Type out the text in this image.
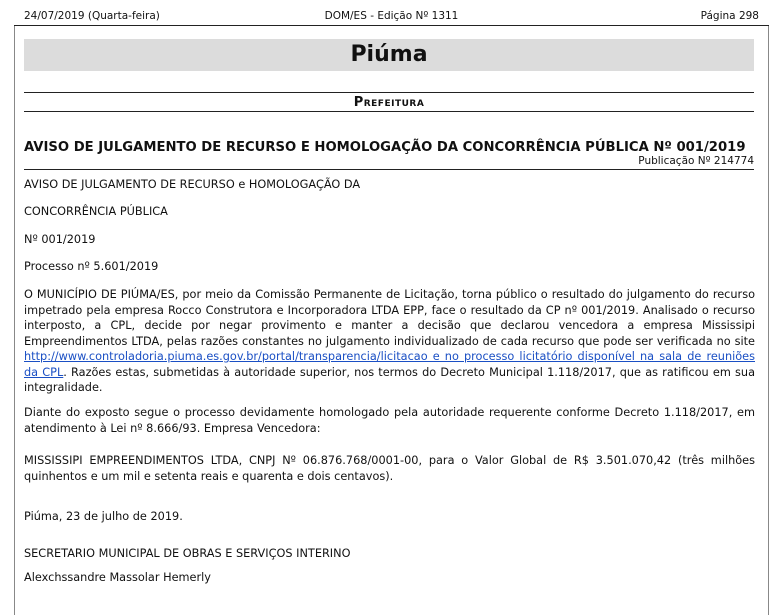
24/07/2019 (Quarta-feira)	DOM/ES - Edição Nº 1311	Página 298
Piúma
Prefeitura
AVISO DE JULGAMENTO DE RECURSO E HOMOLOGAÇÃO DA CONCORRÊNCIA PÚBLICA Nº 001/2019
Publicação Nº 214774
AVISO DE JULGAMENTO DE RECURSO e HOMOLOGAÇÃO DA
CONCORRÊNCIA PÚBLICA
Nº 001/2019
Processo nº 5.601/2019

O MUNICÍPIO DE PIÚMA/ES, por meio da Comissão Permanente de Licitação, torna público o resultado do julgamento do recurso impetrado pela empresa Rocco Construtora e Incorporadora LTDA EPP, face o resultado da CP nº 001/2019. Analisado o recurso interposto, a CPL, decide por negar provimento e manter a decisão que declarou vencedora a empresa Mississipi Empreendimentos LTDA, pelas razões constantes no julgamento individualizado de cada recurso que pode ser verificada no site http://www.controladoria.piuma.es.gov.br/portal/transparencia/licitacao e no processo licitatório disponível na sala de reuniões da CPL. Razões estas, submetidas à autoridade superior, nos termos do Decreto Municipal 1.118/2017, que as ratificou em sua integralidade.

Diante do exposto segue o processo devidamente homologado pela autoridade requerente conforme Decreto 1.118/2017, em atendimento à Lei nº 8.666/93. Empresa Vencedora:

MISSISSIPI EMPREENDIMENTOS LTDA, CNPJ Nº 06.876.768/0001-00, para o Valor Global de R$ 3.501.070,42 (três milhões quinhentos e um mil e setenta reais e quarenta e dois centavos).

Piúma, 23 de julho de 2019.
SECRETARIO MUNICIPAL DE OBRAS E SERVIÇOS INTERINO
Alexchssandre Massolar Hemerly
